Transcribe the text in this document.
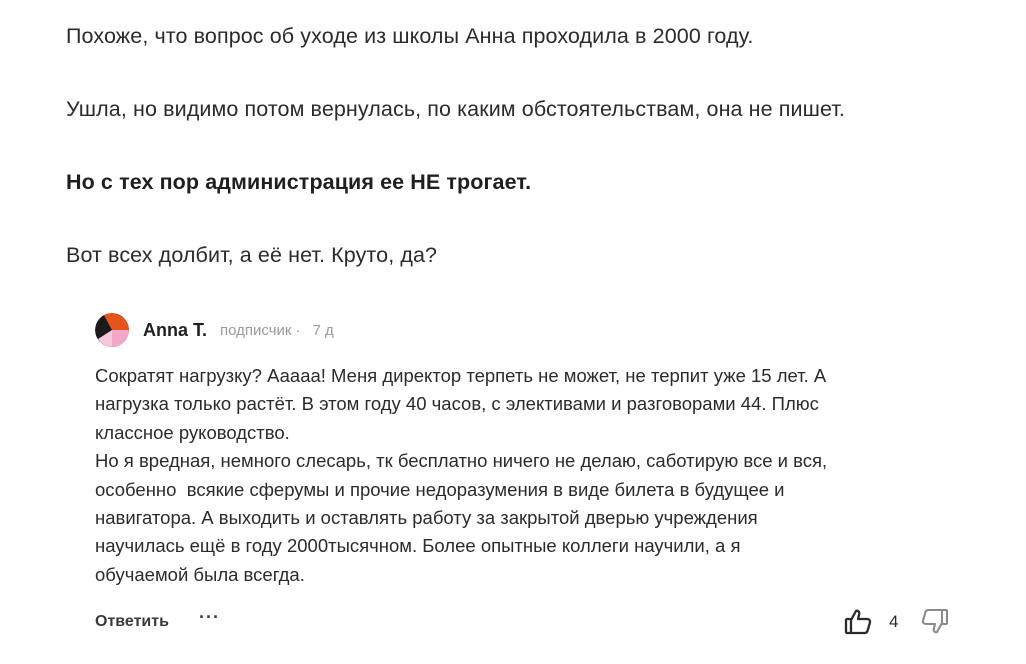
Похоже, что вопрос об уходе из школы Анна проходила в 2000 году.

Ушла, но видимо потом вернулась, по каким обстоятельствам, она не пишет.

Но с тех пор администрация ее НЕ трогает.

Вот всех долбит, а её нет. Круто, да?

Anna T. подписчик · 7 д
Сократят нагрузку? Ааааа! Меня директор терпеть не может, не терпит уже 15 лет. А
нагрузка только растёт. В этом году 40 часов, с элективами и разговорами 44. Плюс
классное руководство.
Но я вредная, немного слесарь, тк бесплатно ничего не делаю, саботирую все и вся,
особенно  всякие сферумы и прочие недоразумения в виде билета в будущее и
навигатора. А выходить и оставлять работу за закрытой дверью учреждения
научилась ещё в году 2000тысячном. Более опытные коллеги научили, а я
обучаемой была всегда.
Ответить ···	4
